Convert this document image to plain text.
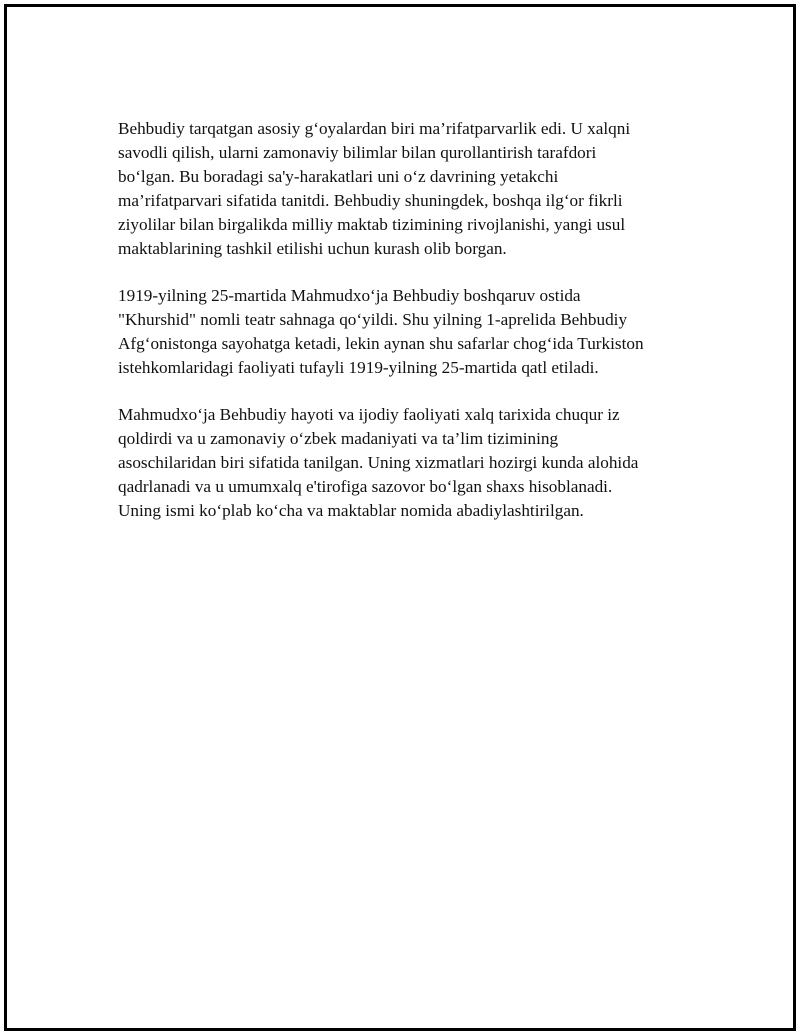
Behbudiy tarqatgan asosiy g‘oyalardan biri ma’rifatparvarlik edi. U xalqni
savodli qilish, ularni zamonaviy bilimlar bilan qurollantirish tarafdori
bo‘lgan. Bu boradagi sa'y-harakatlari uni o‘z davrining yetakchi
ma’rifatparvari sifatida tanitdi. Behbudiy shuningdek, boshqa ilg‘or fikrli
ziyolilar bilan birgalikda milliy maktab tizimining rivojlanishi, yangi usul
maktablarining tashkil etilishi uchun kurash olib borgan.

1919-yilning 25-martida Mahmudxo‘ja Behbudiy boshqaruv ostida
"Khurshid" nomli teatr sahnaga qo‘yildi. Shu yilning 1-aprelida Behbudiy
Afg‘onistonga sayohatga ketadi, lekin aynan shu safarlar chog‘ida Turkiston
istehkomlaridagi faoliyati tufayli 1919-yilning 25-martida qatl etiladi.

Mahmudxo‘ja Behbudiy hayoti va ijodiy faoliyati xalq tarixida chuqur iz
qoldirdi va u zamonaviy o‘zbek madaniyati va ta’lim tizimining
asoschilaridan biri sifatida tanilgan. Uning xizmatlari hozirgi kunda alohida
qadrlanadi va u umumxalq e'tirofiga sazovor bo‘lgan shaxs hisoblanadi.
Uning ismi ko‘plab ko‘cha va maktablar nomida abadiylashtirilgan.
